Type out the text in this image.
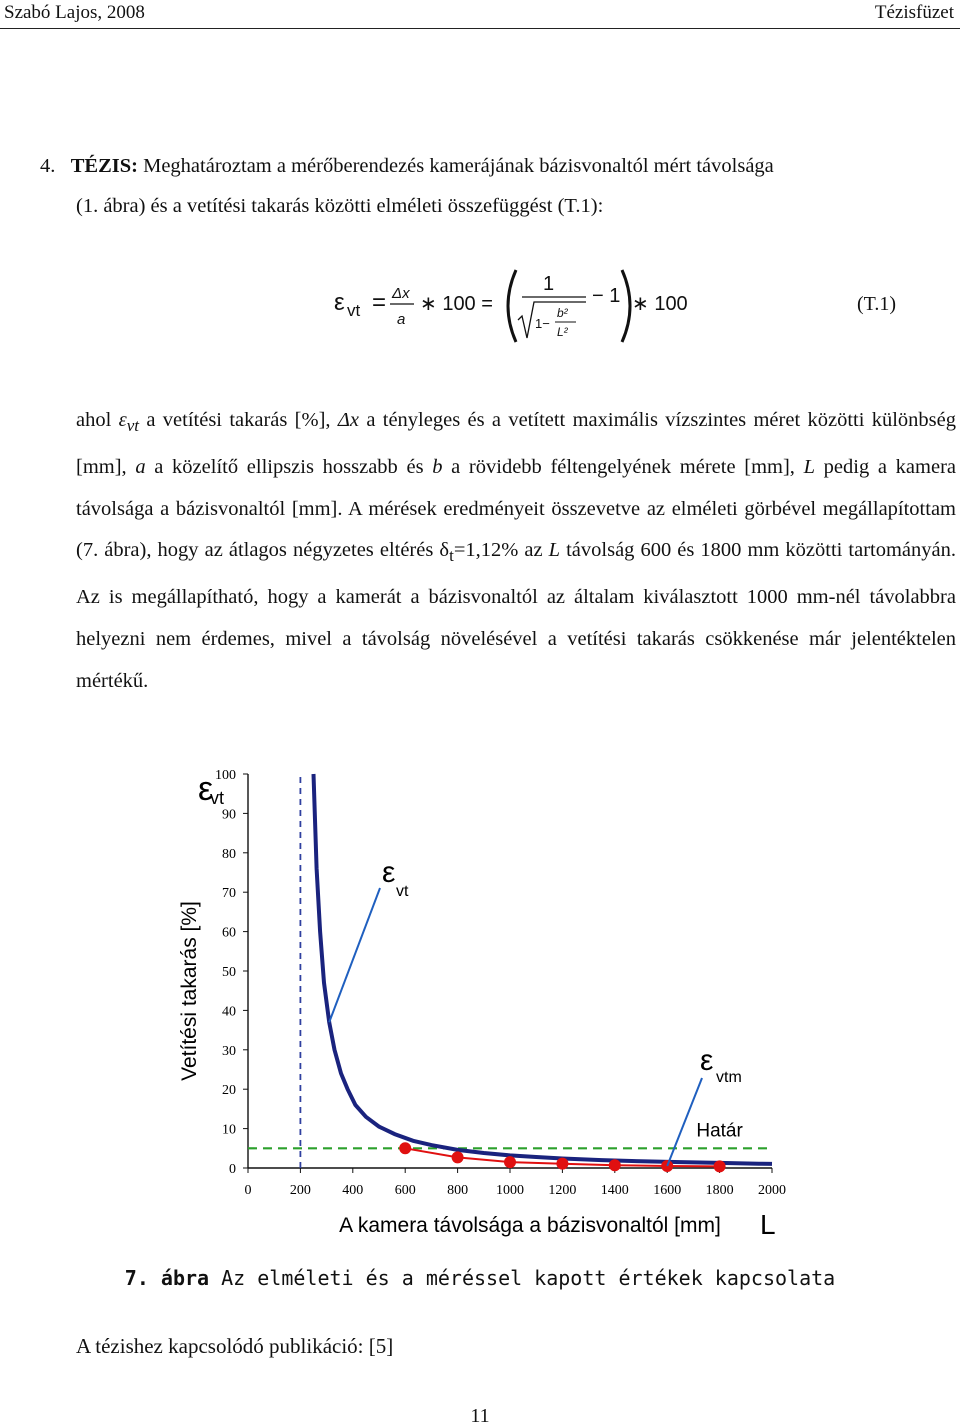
Szabó Lajos, 2008	Tézisfüzet
4. TÉZIS: Meghatároztam a mérőberendezés kamerájának bázisvonaltól mért távolsága
(1. ábra) és a vetítési takarás közötti elméleti összefüggést (T.1):
ε vt = Δx
a
∗ 100 =
1
1−
b²
L²
− 1 ∗ 100	(T.1)
ahol $\varepsilon_{vt}$ a vetítési takarás [%], Δx a tényleges és a vetített maximális vízszintes méret közötti különbség [mm], a a közelítő ellipszis hosszabb és b a rövidebb féltengelyének mérete [mm], L pedig a kamera távolsága a bázisvonaltól [mm]. A mérések eredményeit összevetve az elméleti görbével megállapítottam (7. ábra), hogy az átlagos négyzetes eltérés $\delta_t=1,12\%$ az L távolság 600 és 1800 mm közötti tartományán. Az is megállapítható, hogy a kamerát a bázisvonaltól az általam kiválasztott 1000 mm-nél távolabbra helyezni nem érdemes, mivel a távolság növelésével a vetítési takarás csökkenése már jelentéktelen mértékű.
0	200 400 600 800 1000 1200 1400 1600 1800 2000
0
10
20
30
40
50
60
70
80
90
100
Vetítési takarás [%]
A kamera távolsága a bázisvonaltól [mm] L
ε
vt
Határ
ε
vt
ε
vtm
7. ábra Az elméleti és a méréssel kapott értékek kapcsolata
A tézishez kapcsolódó publikáció: [5]
11
